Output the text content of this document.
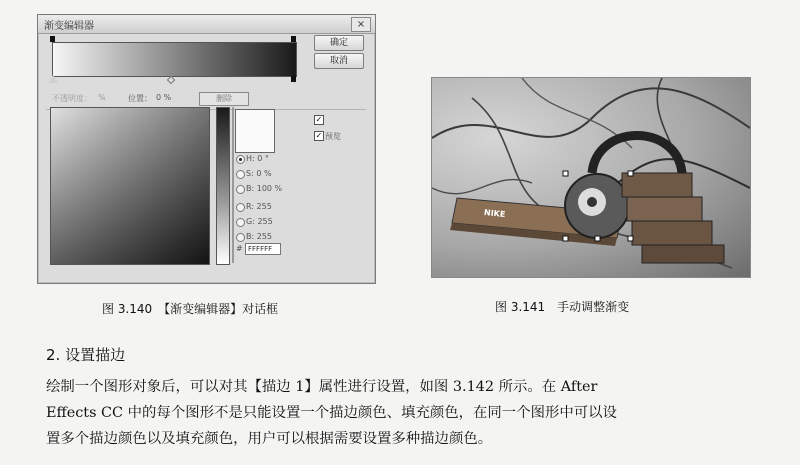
渐变编辑器	×
确定
取消
不透明度： %	位置： 0 %	删除
✓
✓ 预览
H: 0 °
S: 0 %
B: 100 %
R: 255
G: 255
B: 255
# FFFFFF
NIKE
图 3.140　【渐变编辑器】对话框	图 3.141　手动调整渐变
2. 设置描边
绘制一个图形对象后，可以对其【描边 1】属性进行设置，如图 3.142 所示。在 After
Effects CC 中的每个图形不是只能设置一个描边颜色、填充颜色，在同一个图形中可以设
置多个描边颜色以及填充颜色，用户可以根据需要设置多种描边颜色。
